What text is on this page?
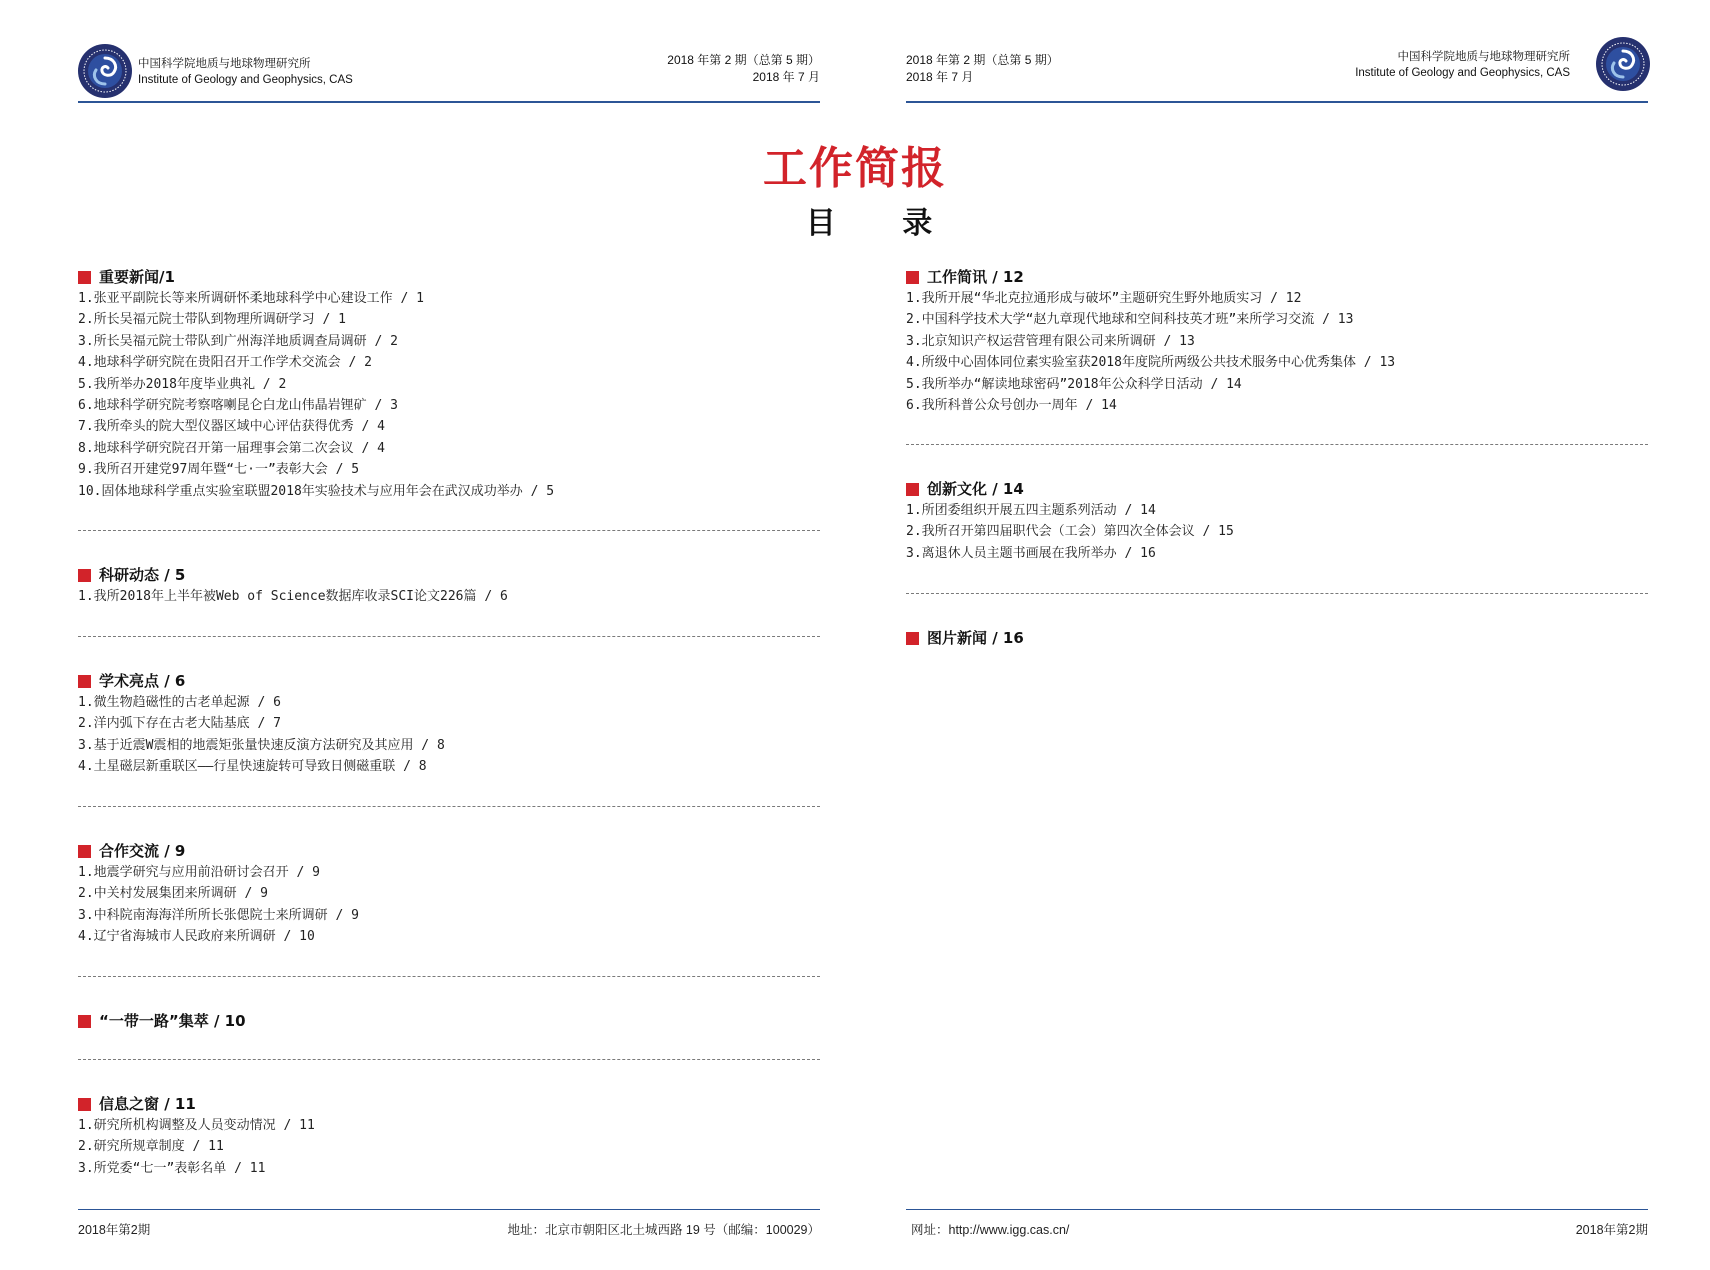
中国科学院地质与地球物理研究所
Institute of Geology and Geophysics, CAS
2018 年第 2 期（总第 5 期）
2018 年 7 月
2018年第2期	地址：北京市朝阳区北土城西路 19 号（邮编：100029）
2018 年第 2 期（总第 5 期）
2018 年 7 月
中国科学院地质与地球物理研究所
Institute of Geology and Geophysics, CAS
网址：http://www.igg.cas.cn/	2018年第2期
工作简报
目 录
重要新闻/1
1.张亚平副院长等来所调研怀柔地球科学中心建设工作 / 1
2.所长吴福元院士带队到物理所调研学习 / 1
3.所长吴福元院士带队到广州海洋地质调查局调研 / 2
4.地球科学研究院在贵阳召开工作学术交流会 / 2
5.我所举办2018年度毕业典礼 / 2
6.地球科学研究院考察喀喇昆仑白龙山伟晶岩锂矿 / 3
7.我所牵头的院大型仪器区域中心评估获得优秀 / 4
8.地球科学研究院召开第一届理事会第二次会议 / 4
9.我所召开建党97周年暨“七·一”表彰大会 / 5
10.固体地球科学重点实验室联盟2018年实验技术与应用年会在武汉成功举办 / 5
科研动态 / 5
1.我所2018年上半年被Web of Science数据库收录SCI论文226篇 / 6
学术亮点 / 6
1.微生物趋磁性的古老单起源 / 6
2.洋内弧下存在古老大陆基底 / 7
3.基于近震W震相的地震矩张量快速反演方法研究及其应用 / 8
4.土星磁层新重联区——行星快速旋转可导致日侧磁重联 / 8
合作交流 / 9
1.地震学研究与应用前沿研讨会召开 / 9
2.中关村发展集团来所调研 / 9
3.中科院南海海洋所所长张偲院士来所调研 / 9
4.辽宁省海城市人民政府来所调研 / 10
“一带一路”集萃 / 10
信息之窗 / 11
1.研究所机构调整及人员变动情况 / 11
2.研究所规章制度 / 11
3.所党委“七一”表彰名单 / 11
工作简讯 / 12
1.我所开展“华北克拉通形成与破坏”主题研究生野外地质实习 / 12
2.中国科学技术大学“赵九章现代地球和空间科技英才班”来所学习交流 / 13
3.北京知识产权运营管理有限公司来所调研 / 13
4.所级中心固体同位素实验室获2018年度院所两级公共技术服务中心优秀集体 / 13
5.我所举办“解读地球密码”2018年公众科学日活动 / 14
6.我所科普公众号创办一周年 / 14
创新文化 / 14
1.所团委组织开展五四主题系列活动 / 14
2.我所召开第四届职代会（工会）第四次全体会议 / 15
3.离退休人员主题书画展在我所举办 / 16
图片新闻 / 16
